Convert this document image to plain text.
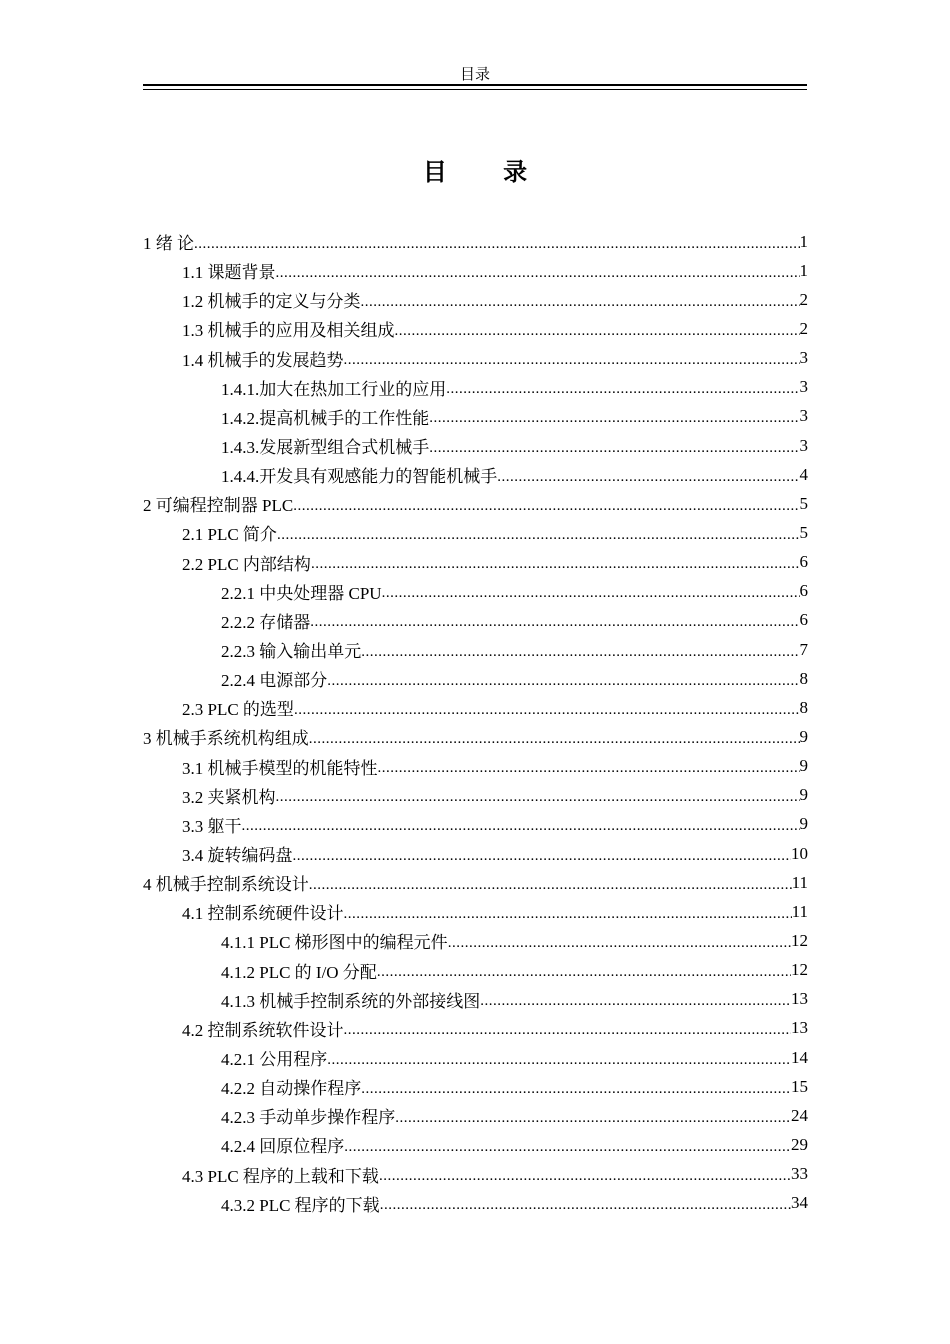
目录
目 录
1 绪 论 .....	1
1.1 课题背景 .....	1
1.2 机械手的定义与分类 .....	2
1.3 机械手的应用及相关组成 .....	2
1.4 机械手的发展趋势 .....	3
1.4.1.加大在热加工行业的应用 .....	3
1.4.2.提高机械手的工作性能 .....	3
1.4.3.发展新型组合式机械手 .....	3
1.4.4.开发具有观感能力的智能机械手 .....	4
2 可编程控制器 PLC .....	5
2.1 PLC 简介 .....	5
2.2 PLC 内部结构 .....	6
2.2.1 中央处理器 CPU .....	6
2.2.2 存储器 .....	6
2.2.3 输入输出单元 .....	7
2.2.4 电源部分 .....	8
2.3 PLC 的选型 .....	8
3 机械手系统机构组成 .....	9
3.1 机械手模型的机能特性 .....	9
3.2 夹紧机构 .....	9
3.3 躯干 .....	9
3.4 旋转编码盘 .....	10
4 机械手控制系统设计 .....	11
4.1 控制系统硬件设计 .....	11
4.1.1 PLC 梯形图中的编程元件 .....	12
4.1.2 PLC 的 I/O 分配 .....	12
4.1.3 机械手控制系统的外部接线图 .....	13
4.2 控制系统软件设计 .....	13
4.2.1 公用程序 .....	14
4.2.2 自动操作程序 .....	15
4.2.3 手动单步操作程序 .....	24
4.2.4 回原位程序 .....	29
4.3 PLC 程序的上载和下载 .....	33
4.3.2 PLC 程序的下载 .....	34
